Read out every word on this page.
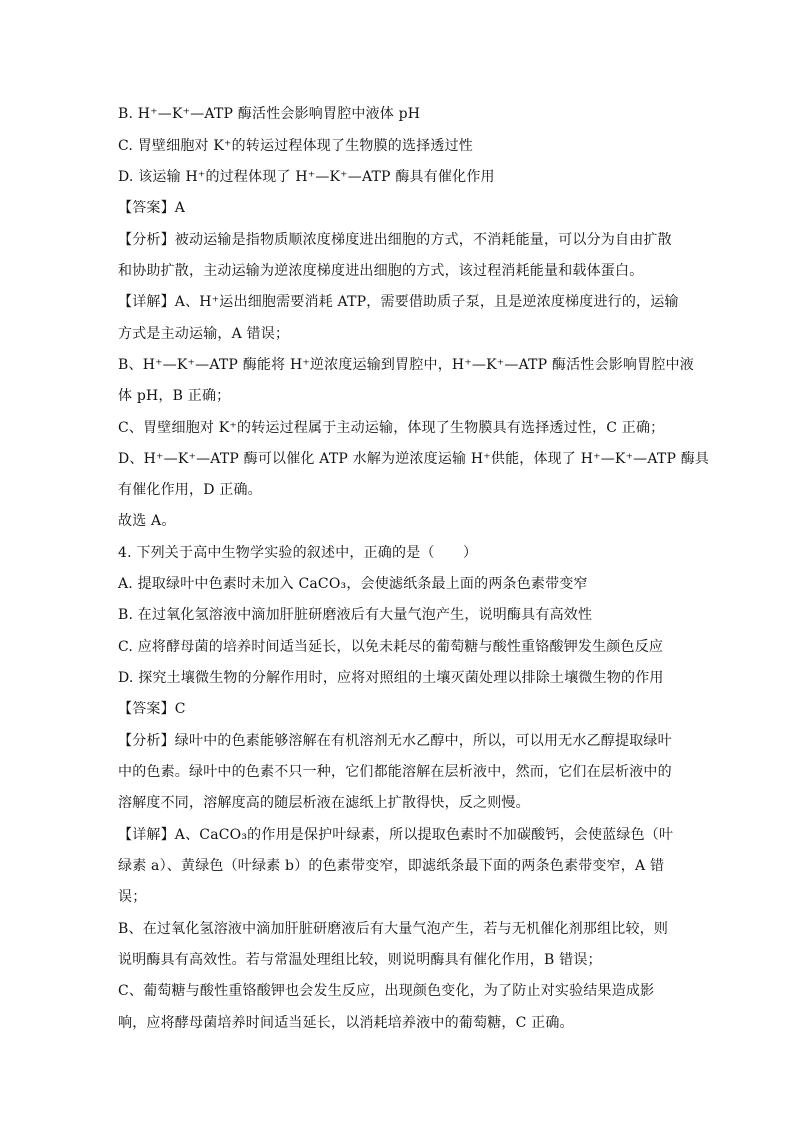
B. H⁺—K⁺—ATP 酶活性会影响胃腔中液体 pH
C. 胃壁细胞对 K⁺的转运过程体现了生物膜的选择透过性
D. 该运输 H⁺的过程体现了 H⁺—K⁺—ATP 酶具有催化作用
【答案】A
【分析】被动运输是指物质顺浓度梯度进出细胞的方式，不消耗能量，可以分为自由扩散
和协助扩散，主动运输为逆浓度梯度进出细胞的方式，该过程消耗能量和载体蛋白。
【详解】A、H⁺运出细胞需要消耗 ATP，需要借助质子泵，且是逆浓度梯度进行的，运输
方式是主动运输，A 错误；
B、H⁺—K⁺—ATP 酶能将 H⁺逆浓度运输到胃腔中，H⁺—K⁺—ATP 酶活性会影响胃腔中液
体 pH，B 正确；
C、胃壁细胞对 K⁺的转运过程属于主动运输，体现了生物膜具有选择透过性，C 正确；
D、H⁺—K⁺—ATP 酶可以催化 ATP 水解为逆浓度运输 H⁺供能，体现了 H⁺—K⁺—ATP 酶具
有催化作用，D 正确。
故选 A。
4. 下列关于高中生物学实验的叙述中，正确的是（　　）
A. 提取绿叶中色素时未加入 CaCO₃，会使滤纸条最上面的两条色素带变窄
B. 在过氧化氢溶液中滴加肝脏研磨液后有大量气泡产生，说明酶具有高效性
C. 应将酵母菌的培养时间适当延长，以免未耗尽的葡萄糖与酸性重铬酸钾发生颜色反应
D. 探究土壤微生物的分解作用时，应将对照组的土壤灭菌处理以排除土壤微生物的作用
【答案】C
【分析】绿叶中的色素能够溶解在有机溶剂无水乙醇中，所以，可以用无水乙醇提取绿叶
中的色素。绿叶中的色素不只一种，它们都能溶解在层析液中，然而，它们在层析液中的
溶解度不同，溶解度高的随层析液在滤纸上扩散得快，反之则慢。
【详解】A、CaCO₃的作用是保护叶绿素，所以提取色素时不加碳酸钙，会使蓝绿色（叶
绿素 a）、黄绿色（叶绿素 b）的色素带变窄，即滤纸条最下面的两条色素带变窄，A 错
误；
B、在过氧化氢溶液中滴加肝脏研磨液后有大量气泡产生，若与无机催化剂那组比较，则
说明酶具有高效性。若与常温处理组比较，则说明酶具有催化作用，B 错误；
C、葡萄糖与酸性重铬酸钾也会发生反应，出现颜色变化，为了防止对实验结果造成影
响，应将酵母菌培养时间适当延长，以消耗培养液中的葡萄糖，C 正确。
